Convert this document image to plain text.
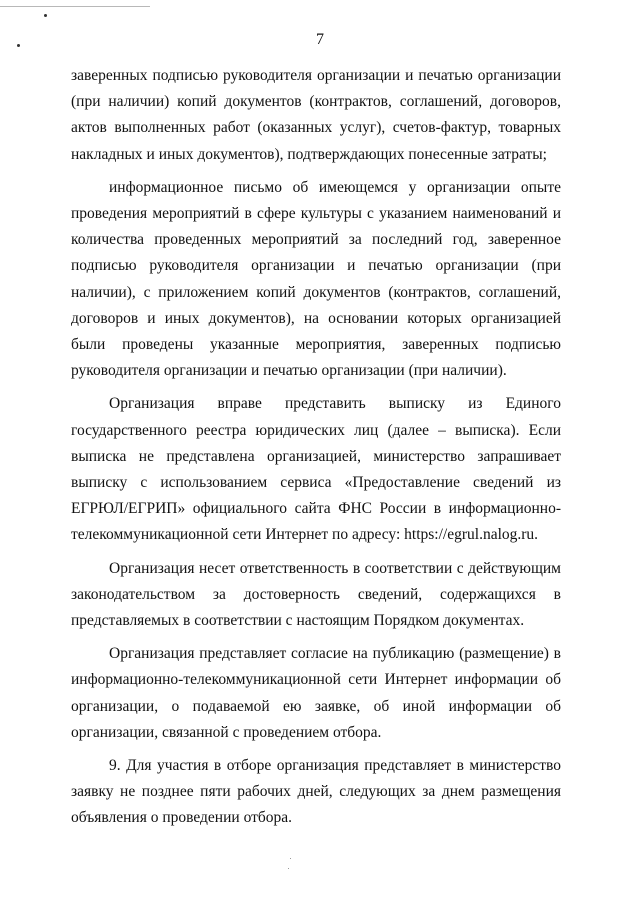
7

заверенных подписью руководителя организации и печатью организации (при наличии) копий документов (контрактов, соглашений, договоров, актов выполненных работ (оказанных услуг), счетов-фактур, товарных накладных и иных документов), подтверждающих понесенные затраты;

информационное письмо об имеющемся у организации опыте проведения мероприятий в сфере культуры с указанием наименований и количества проведенных мероприятий за последний год, заверенное подписью руководителя организации и печатью организации (при наличии), с приложением копий документов (контрактов, соглашений, договоров и иных документов), на основании которых организацией были проведены указанные мероприятия, заверенных подписью руководителя организации и печатью организации (при наличии).

Организация вправе представить выписку из Единого государственного реестра юридических лиц (далее – выписка). Если выписка не представлена организацией, министерство запрашивает выписку с использованием сервиса «Предоставление сведений из ЕГРЮЛ/ЕГРИП» официального сайта ФНС России в информационно-телекоммуникационной сети Интернет по адресу: https://egrul.nalog.ru.

Организация несет ответственность в соответствии с действующим законодательством за достоверность сведений, содержащихся в представляемых в соответствии с настоящим Порядком документах.

Организация представляет согласие на публикацию (размещение) в информационно-телекоммуникационной сети Интернет информации об организации, о подаваемой ею заявке, об иной информации об организации, связанной с проведением отбора.

9. Для участия в отборе организация представляет в министерство заявку не позднее пяти рабочих дней, следующих за днем размещения объявления о проведении отбора.
